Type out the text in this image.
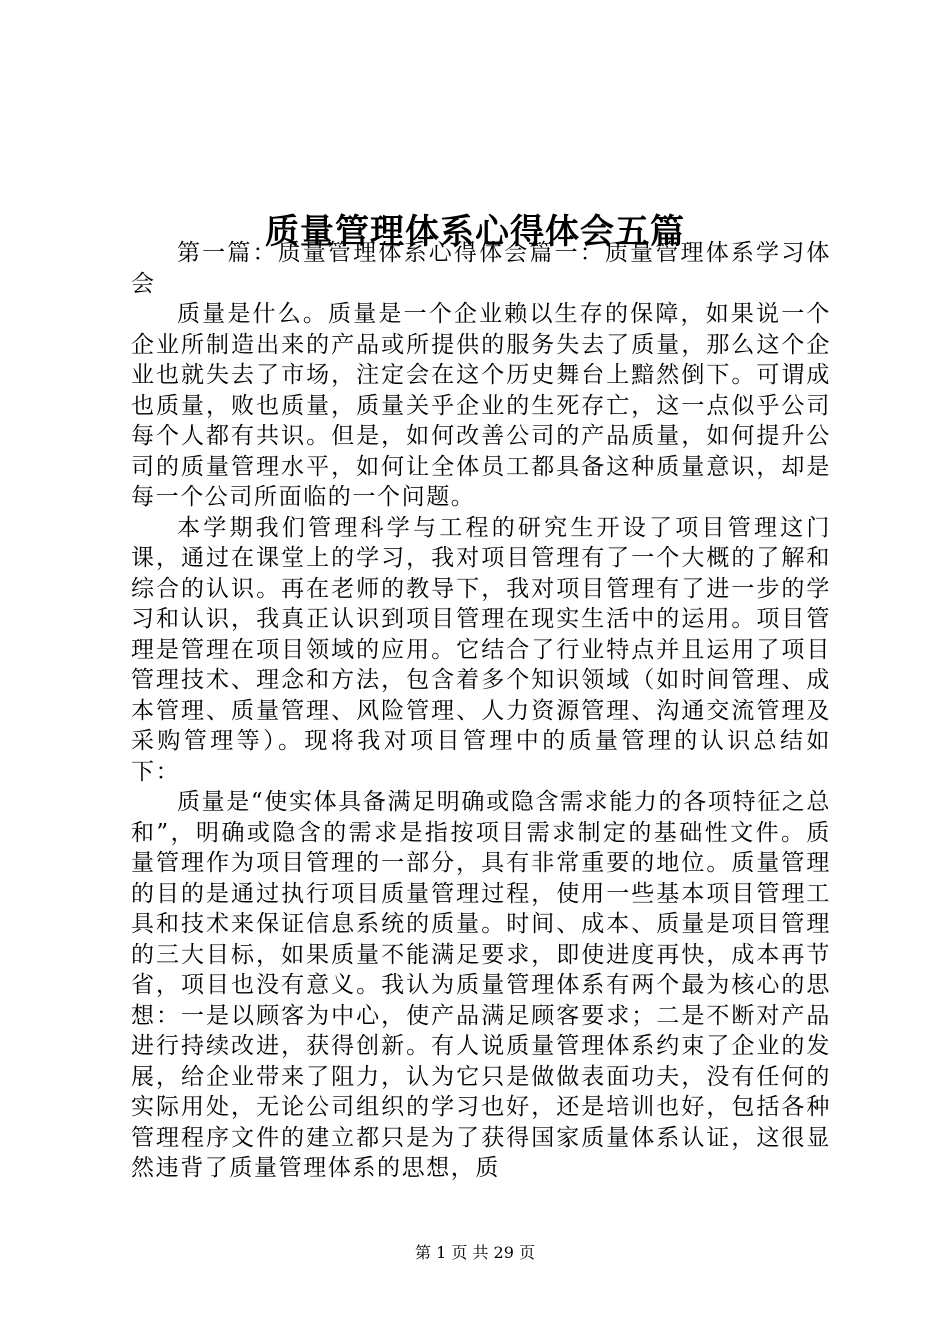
质量管理体系心得体会五篇

第一篇：质量管理体系心得体会篇一：质量管理体系学习体会

质量是什么。质量是一个企业赖以生存的保障，如果说一个企业所制造出来的产品或所提供的服务失去了质量，那么这个企业也就失去了市场，注定会在这个历史舞台上黯然倒下。可谓成也质量，败也质量，质量关乎企业的生死存亡，这一点似乎公司每个人都有共识。但是，如何改善公司的产品质量，如何提升公司的质量管理水平，如何让全体员工都具备这种质量意识，却是每一个公司所面临的一个问题。

本学期我们管理科学与工程的研究生开设了项目管理这门课，通过在课堂上的学习，我对项目管理有了一个大概的了解和综合的认识。再在老师的教导下，我对项目管理有了进一步的学习和认识，我真正认识到项目管理在现实生活中的运用。项目管理是管理在项目领域的应用。它结合了行业特点并且运用了项目管理技术、理念和方法，包含着多个知识领域（如时间管理、成本管理、质量管理、风险管理、人力资源管理、沟通交流管理及采购管理等）。现将我对项目管理中的质量管理的认识总结如下：

质量是“使实体具备满足明确或隐含需求能力的各项特征之总和”，明确或隐含的需求是指按项目需求制定的基础性文件。质量管理作为项目管理的一部分，具有非常重要的地位。质量管理的目的是通过执行项目质量管理过程，使用一些基本项目管理工具和技术来保证信息系统的质量。时间、成本、质量是项目管理的三大目标，如果质量不能满足要求，即使进度再快，成本再节省，项目也没有意义。我认为质量管理体系有两个最为核心的思想：一是以顾客为中心，使产品满足顾客要求；二是不断对产品进行持续改进，获得创新。有人说质量管理体系约束了企业的发展，给企业带来了阻力，认为它只是做做表面功夫，没有任何的实际用处，无论公司组织的学习也好，还是培训也好，包括各种管理程序文件的建立都只是为了获得国家质量体系认证，这很显然违背了质量管理体系的思想，质

第 1 页 共 29 页
